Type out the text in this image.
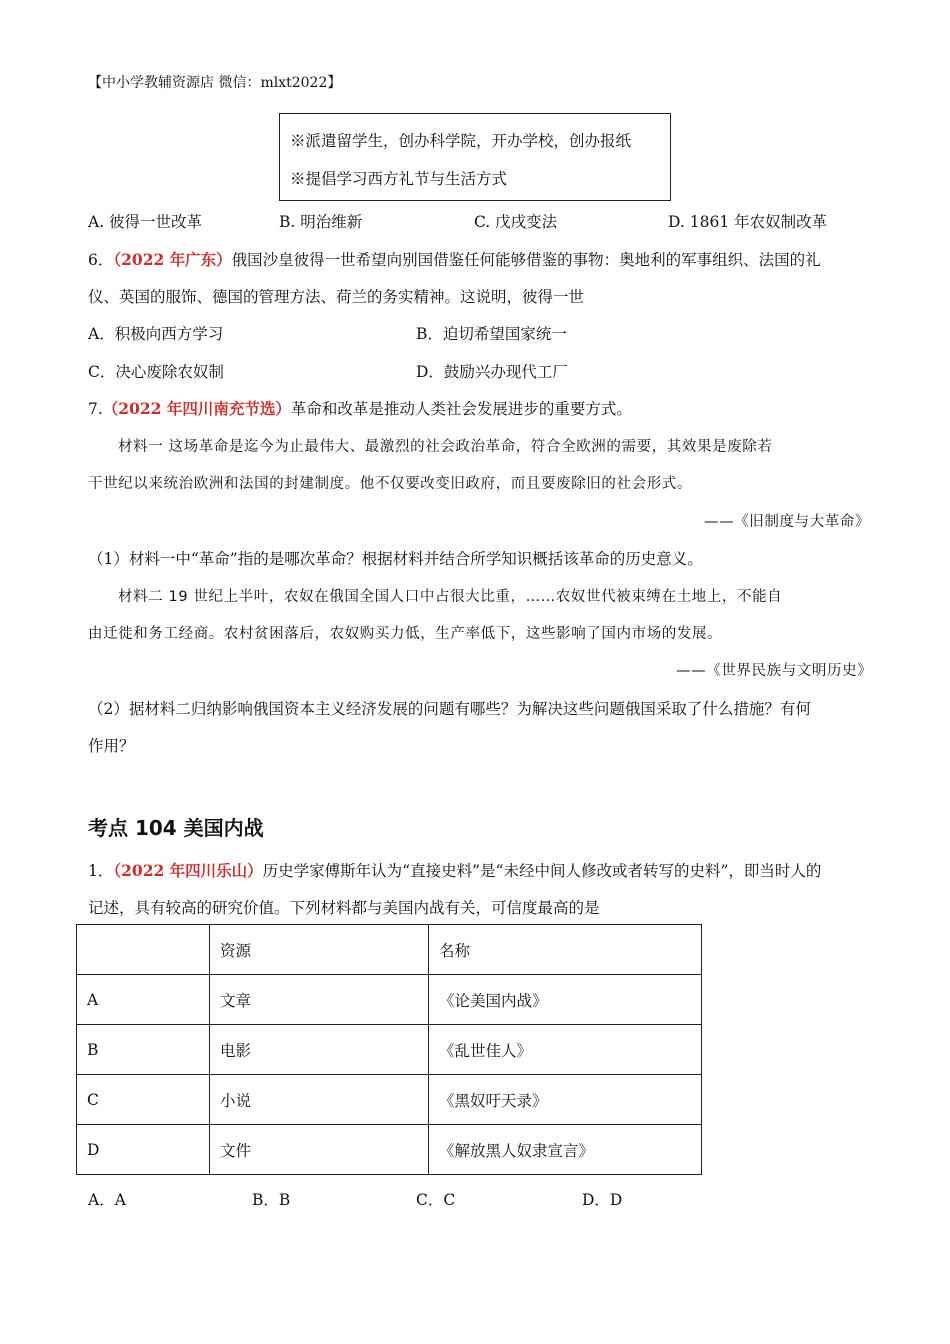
【中小学教辅资源店 微信：mlxt2022】
※派遣留学生，创办科学院，开办学校，创办报纸
※提倡学习西方礼节与生活方式
A. 彼得一世改革	B. 明治维新	C. 戊戌变法	D. 1861 年农奴制改革
6．（2022 年广东）俄国沙皇彼得一世希望向别国借鉴任何能够借鉴的事物：奥地利的军事组织、法国的礼
仪、英国的服饰、德国的管理方法、荷兰的务实精神。这说明，彼得一世
A．积极向西方学习	B．迫切希望国家统一
C．决心废除农奴制	D．鼓励兴办现代工厂
7.（2022 年四川南充节选）革命和改革是推动人类社会发展进步的重要方式。
材料一 这场革命是迄今为止最伟大、最激烈的社会政治革命，符合全欧洲的需要，其效果是废除若
干世纪以来统治欧洲和法国的封建制度。他不仅要改变旧政府，而且要废除旧的社会形式。
——《旧制度与大革命》
（1）材料一中“革命”指的是哪次革命？根据材料并结合所学知识概括该革命的历史意义。
材料二 19 世纪上半叶，农奴在俄国全国人口中占很大比重，……农奴世代被束缚在土地上，不能自
由迁徙和务工经商。农村贫困落后，农奴购买力低，生产率低下，这些影响了国内市场的发展。
——《世界民族与文明历史》
（2）据材料二归纳影响俄国资本主义经济发展的问题有哪些？为解决这些问题俄国采取了什么措施？有何
作用？
考点 104 美国内战
1．（2022 年四川乐山）历史学家傅斯年认为“直接史料”是“未经中间人修改或者转写的史料”，即当时人的
记述，具有较高的研究价值。下列材料都与美国内战有关，可信度最高的是
	资源	名称
A	文章	《论美国内战》
B	电影	《乱世佳人》
C	小说	《黑奴吁天录》
D	文件	《解放黑人奴隶宣言》
A．A	B．B	C．C	D．D
